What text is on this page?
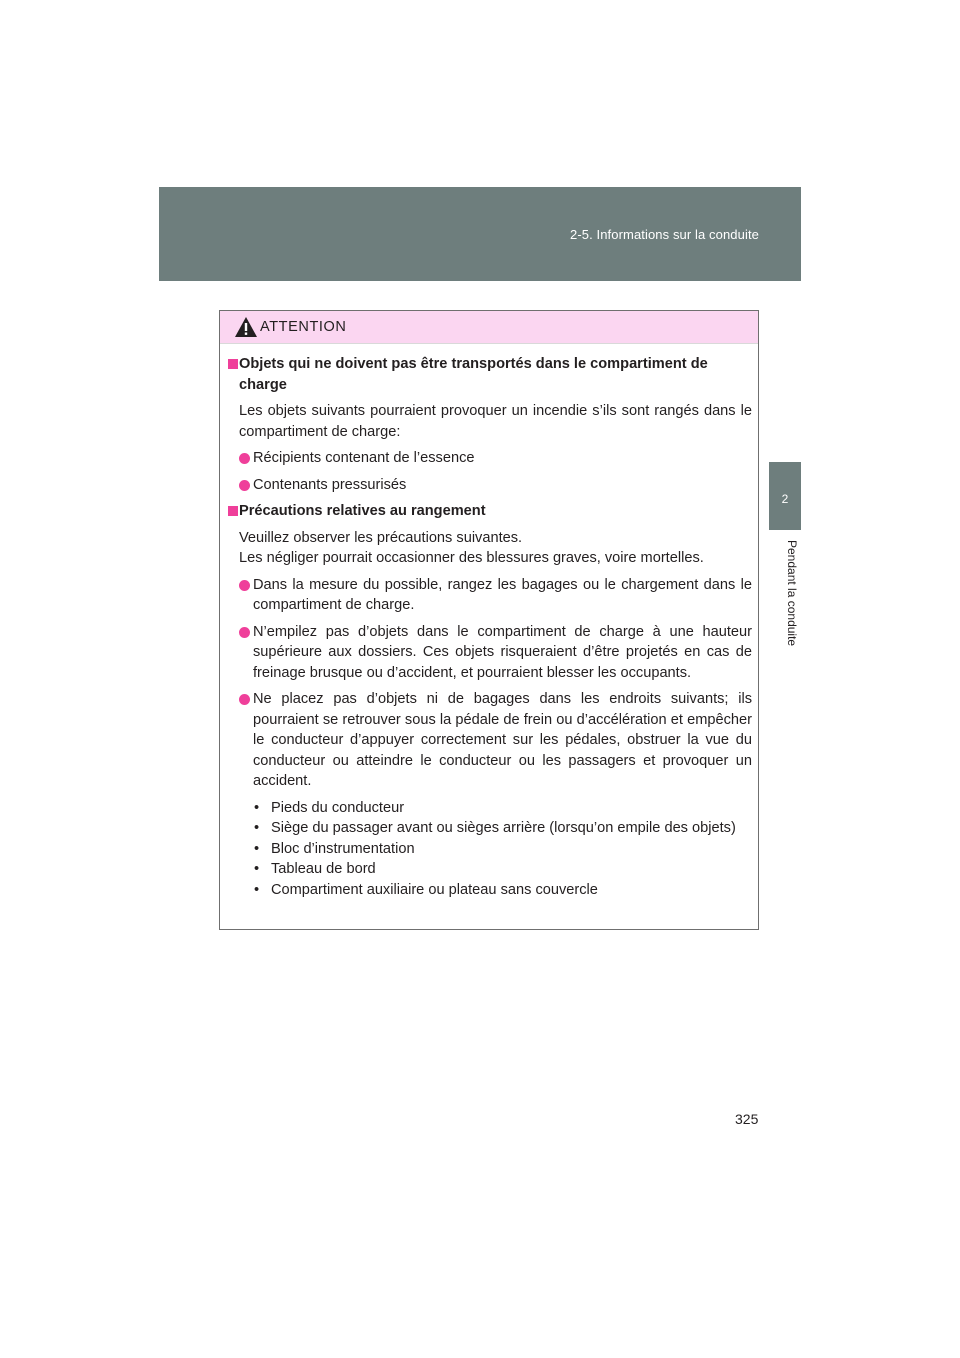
2-5. Informations sur la conduite
2
Pendant la conduite
ATTENTION
Objets qui ne doivent pas être transportés dans le compartiment de charge
Les objets suivants pourraient provoquer un incendie s’ils sont rangés dans le compartiment de charge:
Récipients contenant de l’essence
Contenants pressurisés
Précautions relatives au rangement
Veuillez observer les précautions suivantes.
Les négliger pourrait occasionner des blessures graves, voire mortelles.
Dans la mesure du possible, rangez les bagages ou le chargement dans le compartiment de charge.
N’empilez pas d’objets dans le compartiment de charge à une hauteur supérieure aux dossiers. Ces objets risqueraient d’être projetés en cas de freinage brusque ou d’accident, et pourraient blesser les occupants.
Ne placez pas d’objets ni de bagages dans les endroits suivants; ils pourraient se retrouver sous la pédale de frein ou d’accélération et empêcher le conducteur d’appuyer correctement sur les pédales, obstruer la vue du conducteur ou atteindre le conducteur ou les passagers et provoquer un accident.
• Pieds du conducteur
• Siège du passager avant ou sièges arrière (lorsqu’on empile des objets)
• Bloc d’instrumentation
• Tableau de bord
• Compartiment auxiliaire ou plateau sans couvercle
325
